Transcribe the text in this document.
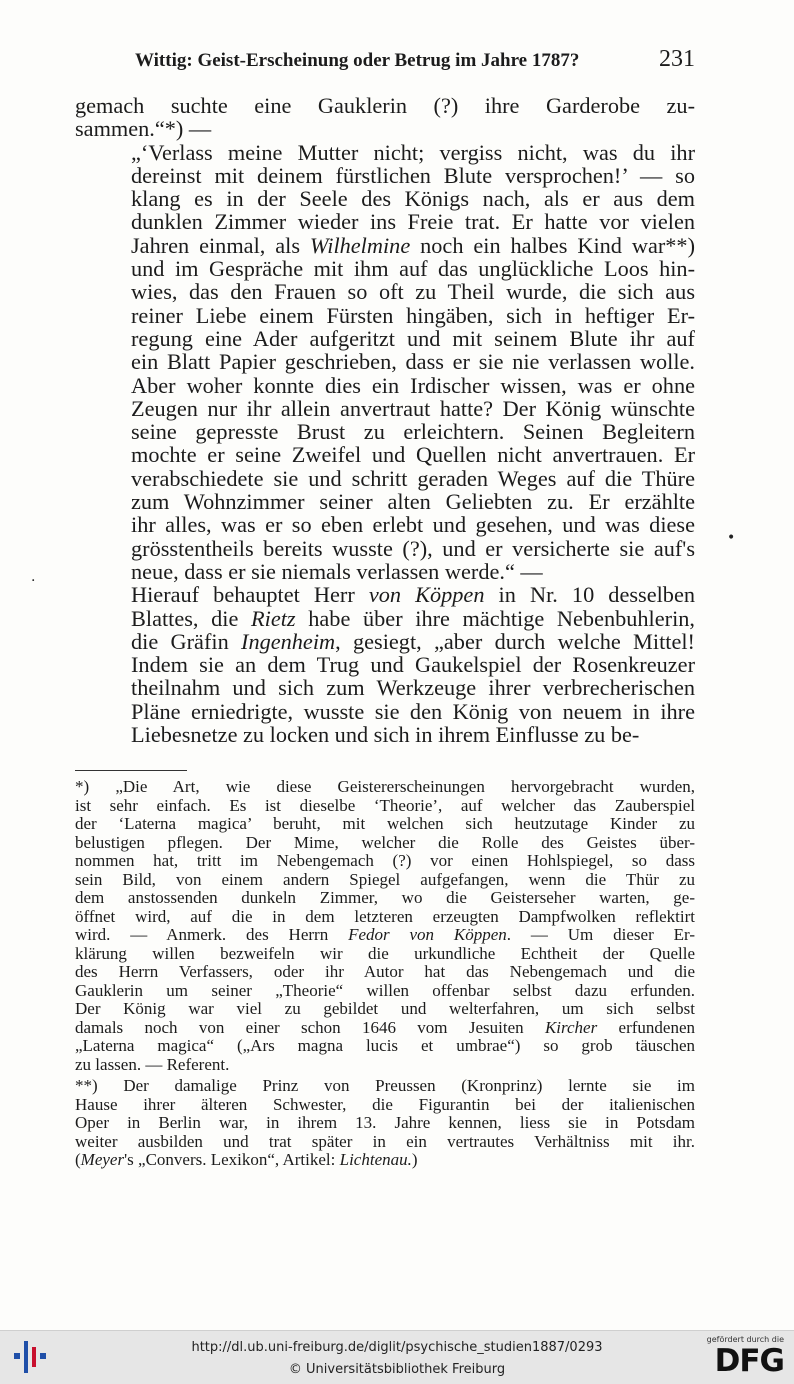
Wittig: Geist-Erscheinung oder Betrug im Jahre 1787?	231

gemach suchte eine Gauklerin (?) ihre Garderobe zu-
sammen.“*) —

„‘Verlass meine Mutter nicht; vergiss nicht, was du ihr
dereinst mit deinem fürstlichen Blute versprochen!’ — so
klang es in der Seele des Königs nach, als er aus dem
dunklen Zimmer wieder ins Freie trat. Er hatte vor vielen
Jahren einmal, als Wilhelmine noch ein halbes Kind war**)
und im Gespräche mit ihm auf das unglückliche Loos hin-
wies, das den Frauen so oft zu Theil wurde, die sich aus
reiner Liebe einem Fürsten hingäben, sich in heftiger Er-
regung eine Ader aufgeritzt und mit seinem Blute ihr auf
ein Blatt Papier geschrieben, dass er sie nie verlassen wolle.
Aber woher konnte dies ein Irdischer wissen, was er ohne
Zeugen nur ihr allein anvertraut hatte? Der König wünschte
seine gepresste Brust zu erleichtern. Seinen Begleitern
mochte er seine Zweifel und Quellen nicht anvertrauen. Er
verabschiedete sie und schritt geraden Weges auf die Thüre
zum Wohnzimmer seiner alten Geliebten zu. Er erzählte
ihr alles, was er so eben erlebt und gesehen, und was diese
grösstentheils bereits wusste (?), und er versicherte sie auf's
neue, dass er sie niemals verlassen werde.“ —

Hierauf behauptet Herr von Köppen in Nr. 10 desselben
Blattes, die Rietz habe über ihre mächtige Nebenbuhlerin,
die Gräfin Ingenheim, gesiegt, „aber durch welche Mittel!
Indem sie an dem Trug und Gaukelspiel der Rosenkreuzer
theilnahm und sich zum Werkzeuge ihrer verbrecherischen
Pläne erniedrigte, wusste sie den König von neuem in ihre
Liebesnetze zu locken und sich in ihrem Einflusse zu be-

•
·
*) „Die Art, wie diese Geistererscheinungen hervorgebracht wurden,
ist sehr einfach. Es ist dieselbe ‘Theorie’, auf welcher das Zauberspiel
der ‘Laterna magica’ beruht, mit welchen sich heutzutage Kinder zu
belustigen pflegen. Der Mime, welcher die Rolle des Geistes über-
nommen hat, tritt im Nebengemach (?) vor einen Hohlspiegel, so dass
sein Bild, von einem andern Spiegel aufgefangen, wenn die Thür zu
dem anstossenden dunkeln Zimmer, wo die Geisterseher warten, ge-
öffnet wird, auf die in dem letzteren erzeugten Dampfwolken reflektirt
wird. — Anmerk. des Herrn Fedor von Köppen. — Um dieser Er-
klärung willen bezweifeln wir die urkundliche Echtheit der Quelle
des Herrn Verfassers, oder ihr Autor hat das Nebengemach und die
Gauklerin um seiner „Theorie“ willen offenbar selbst dazu erfunden.
Der König war viel zu gebildet und welterfahren, um sich selbst
damals noch von einer schon 1646 vom Jesuiten Kircher erfundenen
„Laterna magica“ („Ars magna lucis et umbrae“) so grob täuschen
zu lassen. — Referent.
**) Der damalige Prinz von Preussen (Kronprinz) lernte sie im
Hause ihrer älteren Schwester, die Figurantin bei der italienischen
Oper in Berlin war, in ihrem 13. Jahre kennen, liess sie in Potsdam
weiter ausbilden und trat später in ein vertrautes Verhältniss mit ihr.
(Meyer's „Convers. Lexikon“, Artikel: Lichtenau.)
http://dl.ub.uni-freiburg.de/diglit/psychische_studien1887/0293
© Universitätsbibliothek Freiburg
gefördert durch die
DFG
